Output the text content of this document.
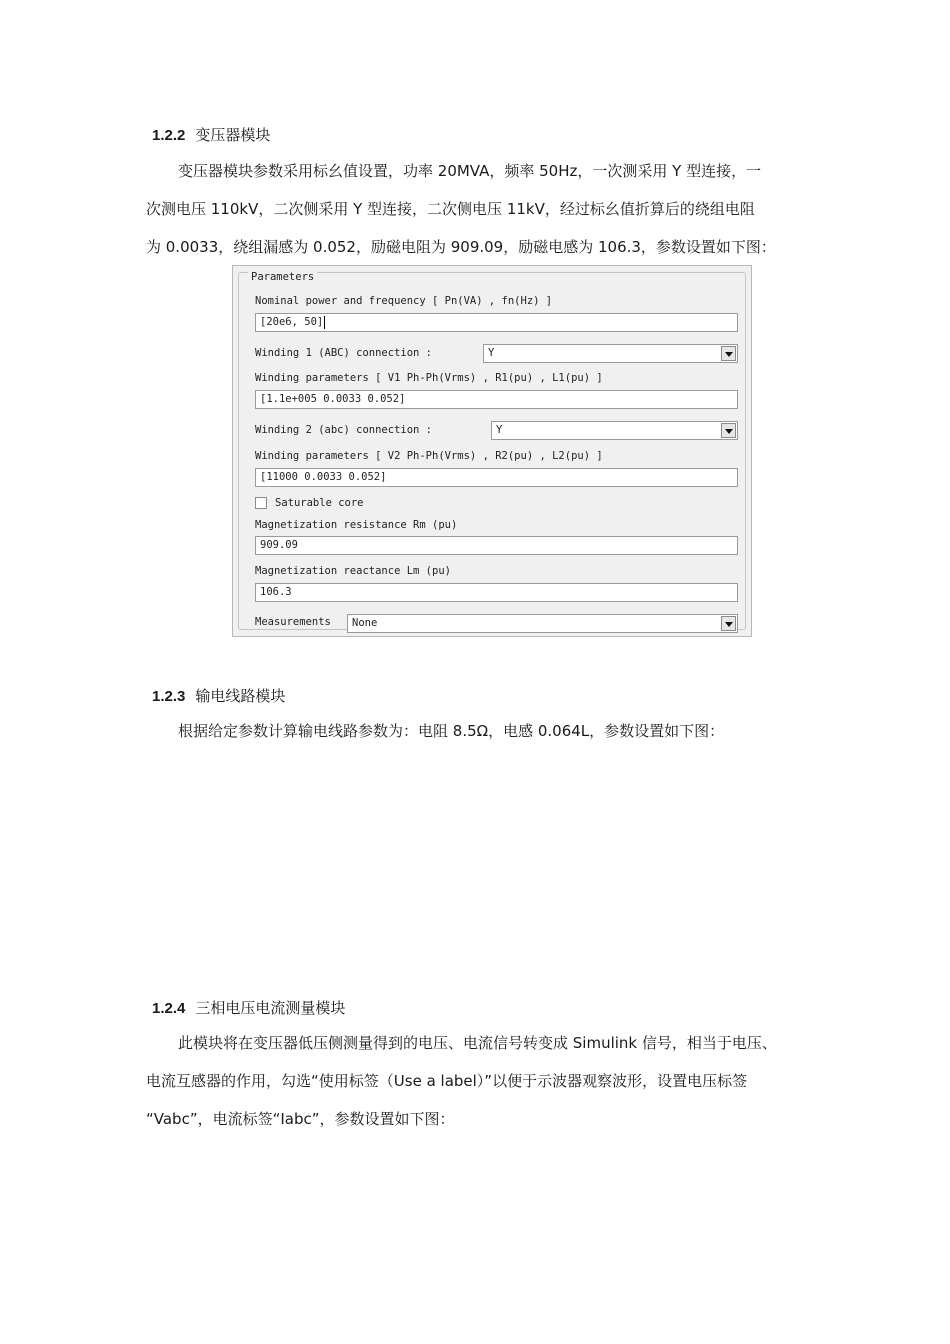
1.2.2 变压器模块
变压器模块参数采用标幺值设置，功率 20MVA，频率 50Hz，一次测采用 Y 型连接，一
次测电压 110kV，二次侧采用 Y 型连接，二次侧电压 11kV，经过标幺值折算后的绕组电阻
为 0.0033，绕组漏感为 0.052，励磁电阻为 909.09，励磁电感为 106.3，参数设置如下图：
Parameters
Nominal power and frequency [ Pn(VA) , fn(Hz) ]
[20e6, 50]
Winding 1 (ABC) connection :	Y
Winding parameters [ V1 Ph-Ph(Vrms) , R1(pu) , L1(pu) ]
[1.1e+005 0.0033 0.052]
Winding 2 (abc) connection :	Y
Winding parameters [ V2 Ph-Ph(Vrms) , R2(pu) , L2(pu) ]
[11000 0.0033 0.052]
Saturable core
Magnetization resistance Rm (pu)
909.09
Magnetization reactance Lm (pu)
106.3
Measurements	None
1.2.3 输电线路模块
根据给定参数计算输电线路参数为：电阻 8.5Ω，电感 0.064L，参数设置如下图：
1.2.4 三相电压电流测量模块
此模块将在变压器低压侧测量得到的电压、电流信号转变成 Simulink 信号，相当于电压、
电流互感器的作用，勾选“使用标签（Use a label）”以便于示波器观察波形，设置电压标签
“Vabc”，电流标签“Iabc”，参数设置如下图：
